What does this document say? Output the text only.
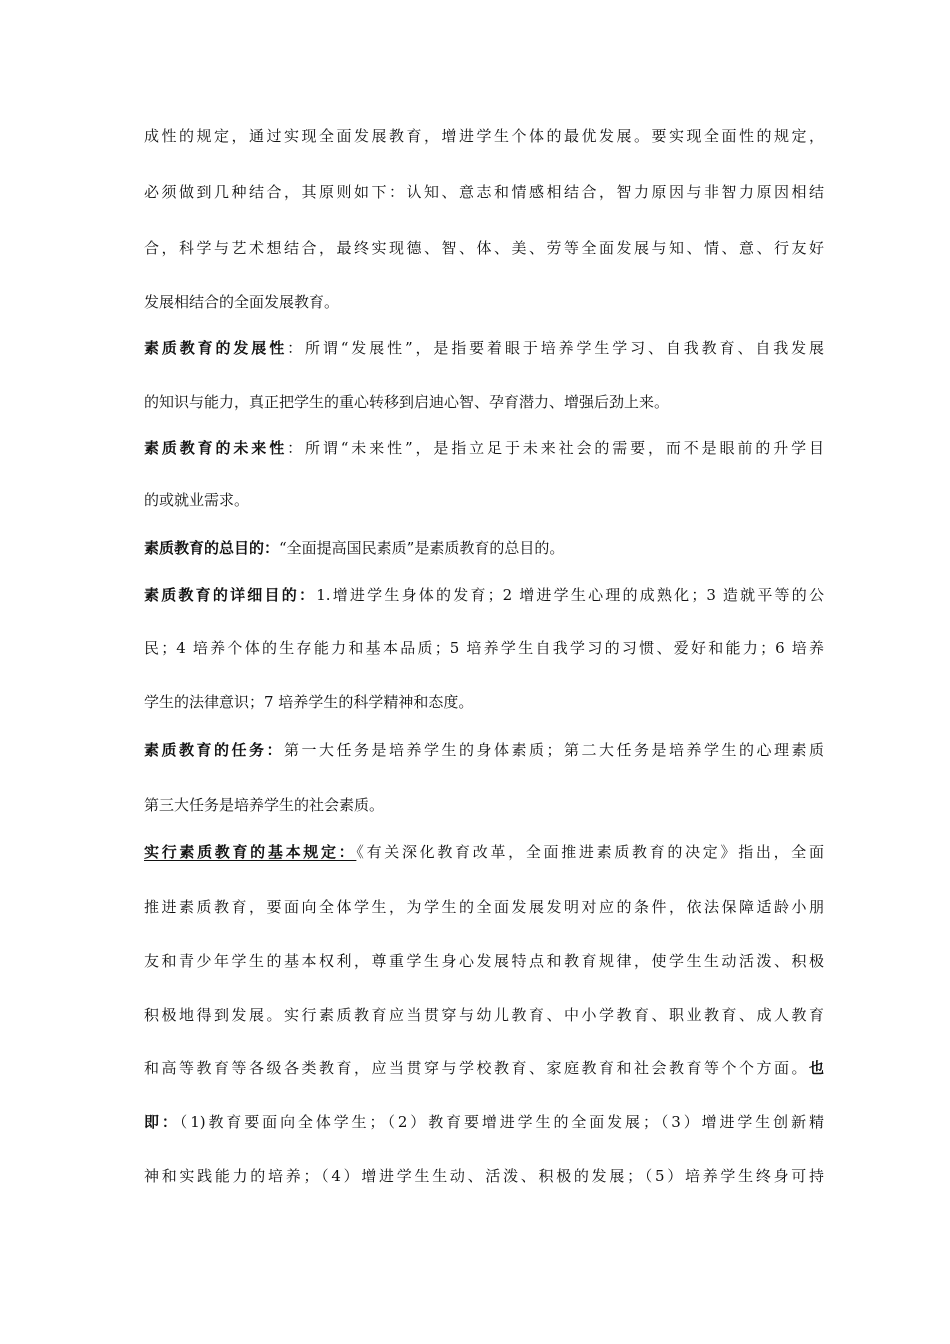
成性的规定，通过实现全面发展教育，增进学生个体的最优发展。要实现全面性的规定，
必须做到几种结合，其原则如下：认知、意志和情感相结合，智力原因与非智力原因相结
合，科学与艺术想结合，最终实现德、智、体、美、劳等全面发展与知、情、意、行友好
发展相结合的全面发展教育。
素质教育的发展性：所谓“发展性”，是指要着眼于培养学生学习、自我教育、自我发展
的知识与能力，真正把学生的重心转移到启迪心智、孕育潜力、增强后劲上来。
素质教育的未来性：所谓“未来性”，是指立足于未来社会的需要，而不是眼前的升学目
的或就业需求。
素质教育的总目的：“全面提高国民素质”是素质教育的总目的。
素质教育的详细目的：1.增进学生身体的发育；2 增进学生心理的成熟化；3 造就平等的公
民；4 培养个体的生存能力和基本品质；5 培养学生自我学习的习惯、爱好和能力；6 培养
学生的法律意识；7 培养学生的科学精神和态度。
素质教育的任务：第一大任务是培养学生的身体素质；第二大任务是培养学生的心理素质
第三大任务是培养学生的社会素质。
实行素质教育的基本规定：《有关深化教育改革，全面推进素质教育的决定》指出，全面
推进素质教育，要面向全体学生，为学生的全面发展发明对应的条件，依法保障适龄小朋
友和青少年学生的基本权利，尊重学生身心发展特点和教育规律，使学生生动活泼、积极
积极地得到发展。实行素质教育应当贯穿与幼儿教育、中小学教育、职业教育、成人教育
和高等教育等各级各类教育，应当贯穿与学校教育、家庭教育和社会教育等个个方面。也
即：（1)教育要面向全体学生；（2）教育要增进学生的全面发展；（3）增进学生创新精
神和实践能力的培养；（4）增进学生生动、活泼、积极的发展；（5）培养学生终身可持
